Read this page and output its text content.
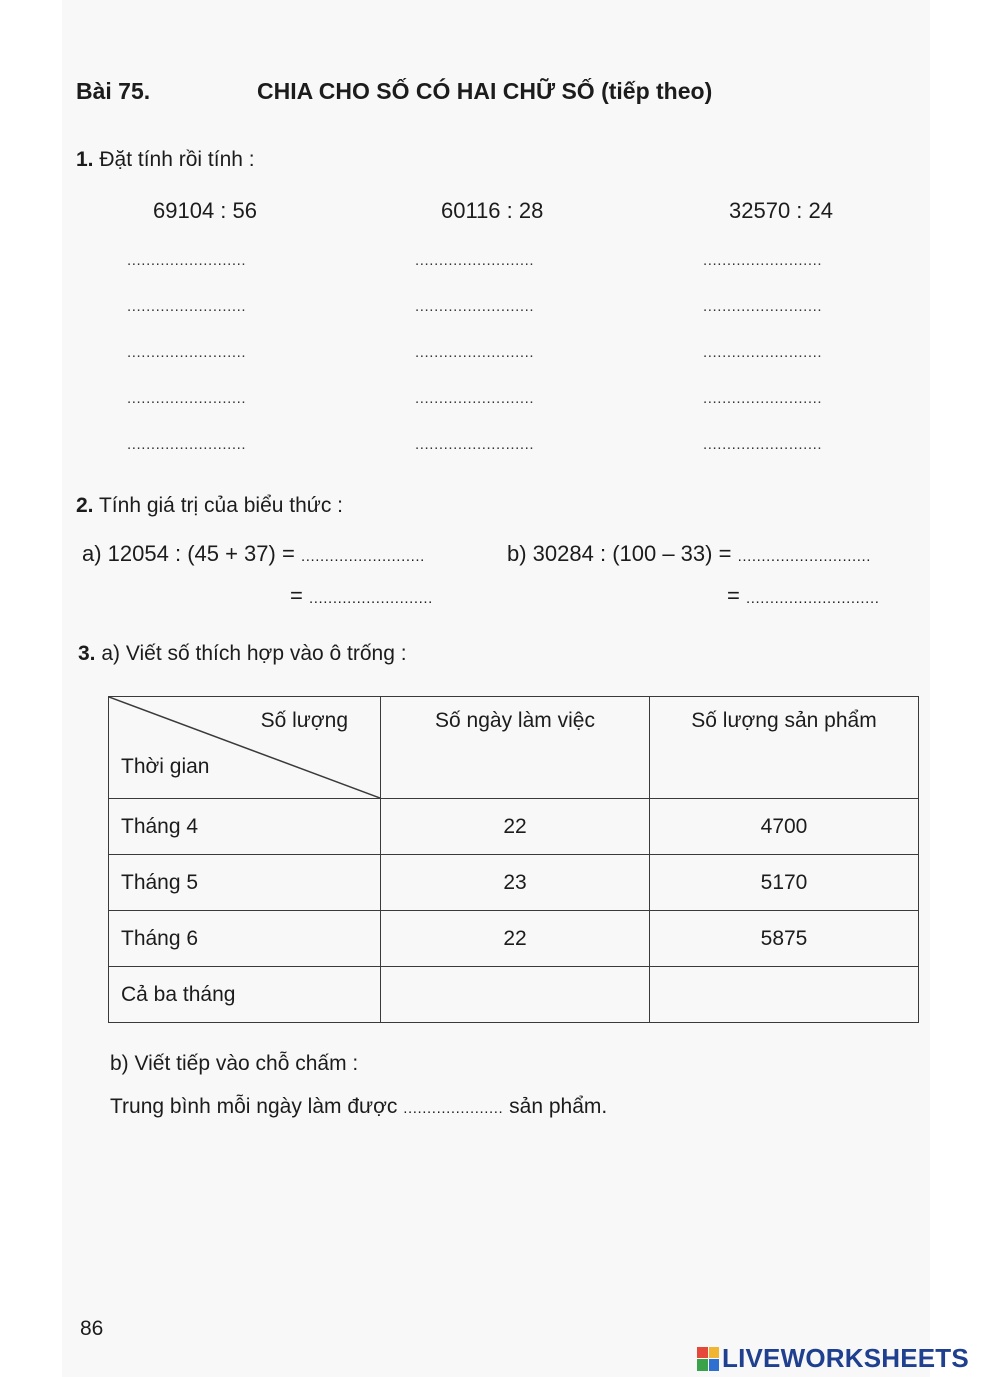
Bài 75.	CHIA CHO SỐ CÓ HAI CHỮ SỐ (tiếp theo)
1. Đặt tính rồi tính :
69104 : 56	60116 : 28	32570 : 24
.........................
.........................
.........................
.........................
.........................
.........................
.........................
.........................
.........................
.........................
.........................
.........................
.........................
.........................
.........................
2. Tính giá trị của biểu thức :
a) 12054 : (45 + 37) = ..........................	b) 30284 : (100 – 33) = ............................
= ..........................	= ............................
3. a) Viết số thích hợp vào ô trống :
Số lượng
Thời gian	Số ngày làm việc	Số lượng sản phẩm
Tháng 4	22	4700
Tháng 5	23	5170
Tháng 6	22	5875
Cả ba tháng		
b) Viết tiếp vào chỗ chấm :
Trung bình mỗi ngày làm được ..................... sản phẩm.
86
LIVEWORKSHEETS
